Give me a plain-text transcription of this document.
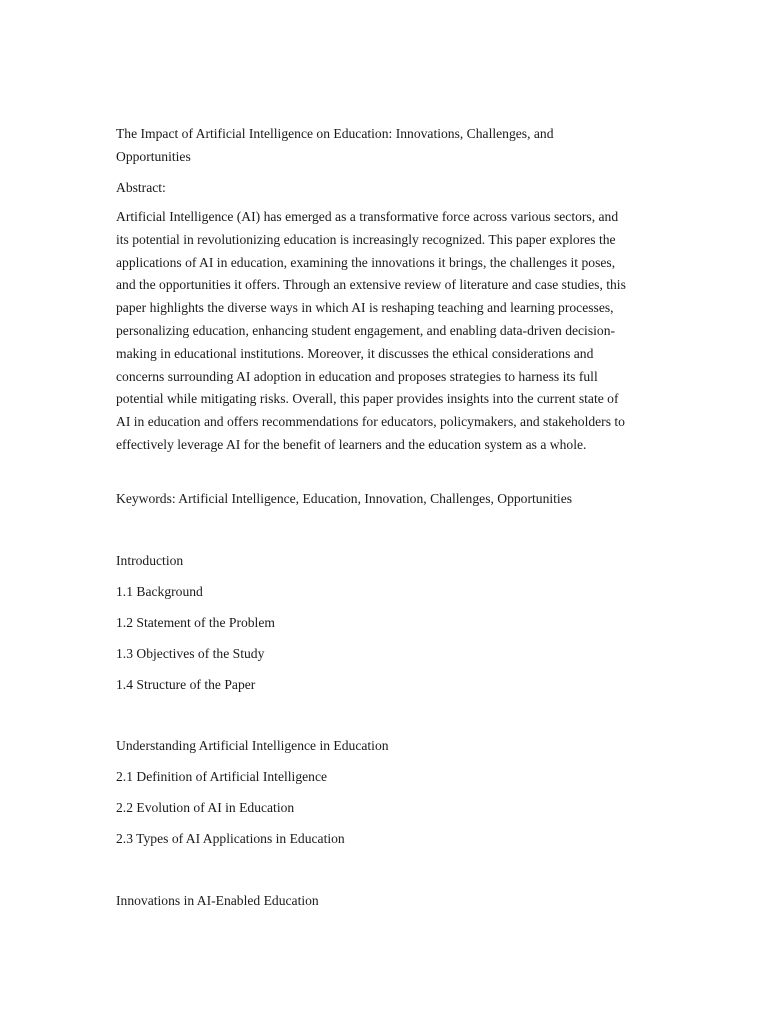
The Impact of Artificial Intelligence on Education: Innovations, Challenges, and
Opportunities
Abstract:
Artificial Intelligence (AI) has emerged as a transformative force across various sectors, and
its potential in revolutionizing education is increasingly recognized. This paper explores the
applications of AI in education, examining the innovations it brings, the challenges it poses,
and the opportunities it offers. Through an extensive review of literature and case studies, this
paper highlights the diverse ways in which AI is reshaping teaching and learning processes,
personalizing education, enhancing student engagement, and enabling data-driven decision-
making in educational institutions. Moreover, it discusses the ethical considerations and
concerns surrounding AI adoption in education and proposes strategies to harness its full
potential while mitigating risks. Overall, this paper provides insights into the current state of
AI in education and offers recommendations for educators, policymakers, and stakeholders to
effectively leverage AI for the benefit of learners and the education system as a whole.
Keywords: Artificial Intelligence, Education, Innovation, Challenges, Opportunities
Introduction
1.1 Background
1.2 Statement of the Problem
1.3 Objectives of the Study
1.4 Structure of the Paper
Understanding Artificial Intelligence in Education
2.1 Definition of Artificial Intelligence
2.2 Evolution of AI in Education
2.3 Types of AI Applications in Education
Innovations in AI-Enabled Education
